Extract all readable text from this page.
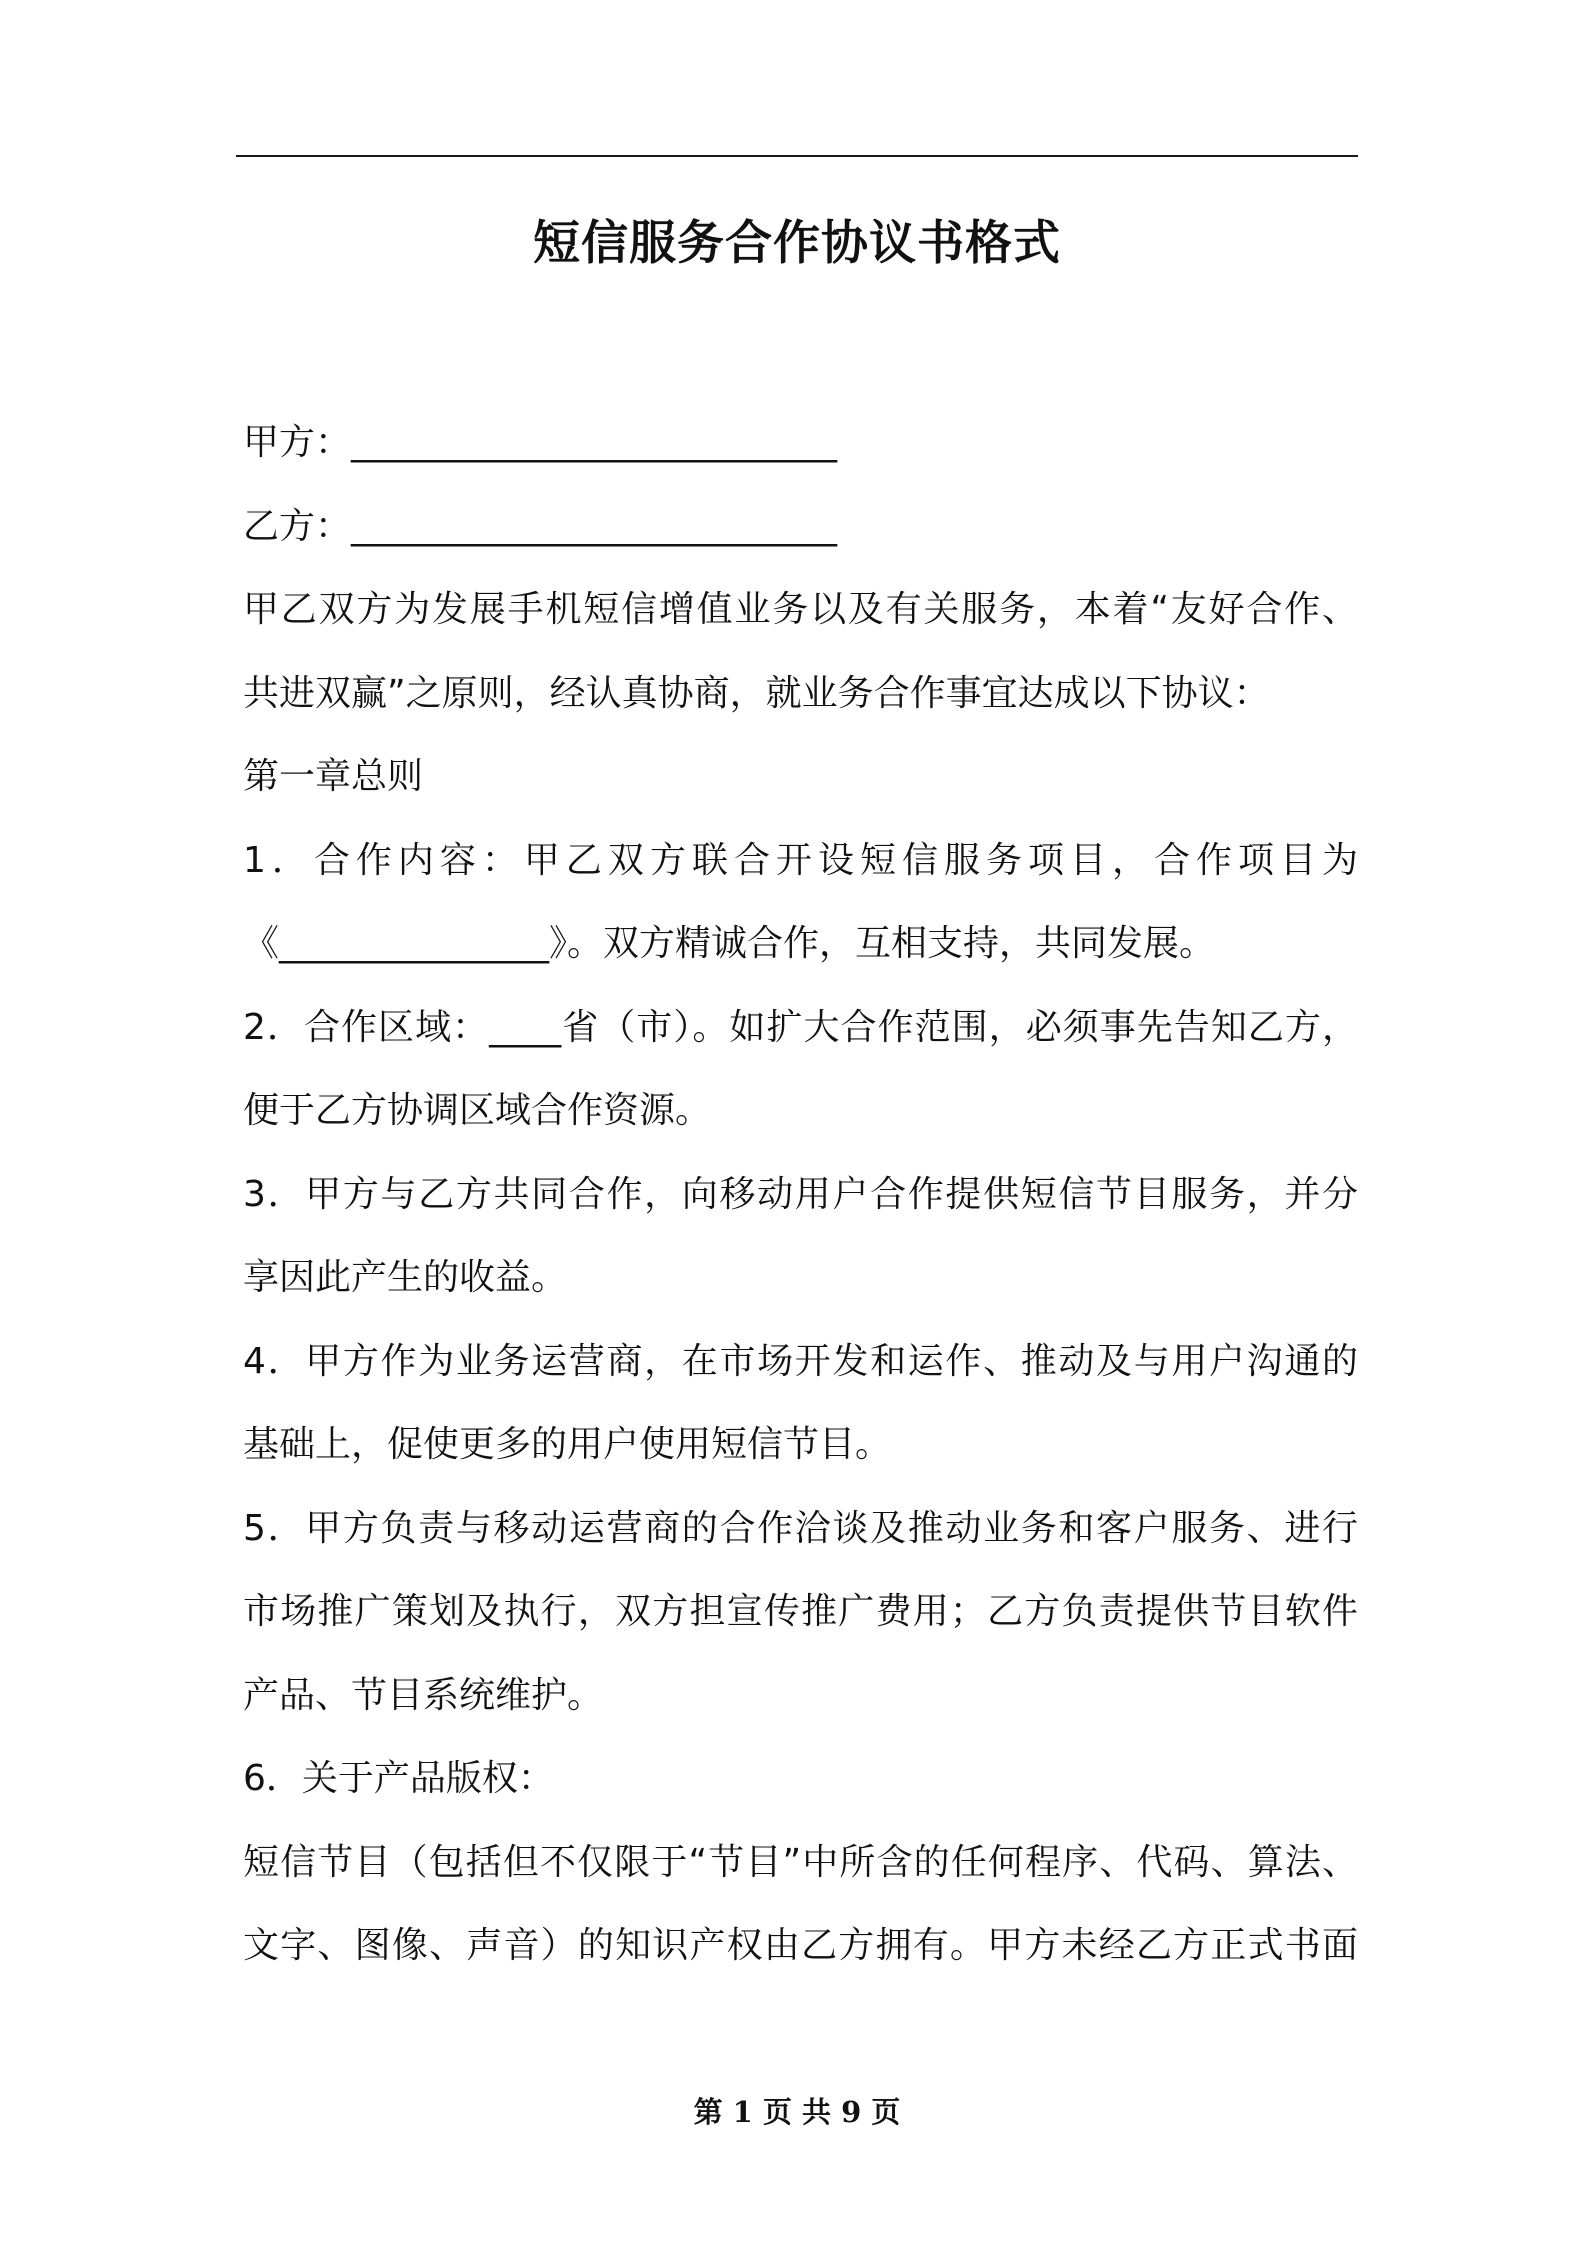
短信服务合作协议书格式
甲方：___________________________
乙方：___________________________
甲乙双方为发展手机短信增值业务以及有关服务，本着“友好合作、
共进双赢”之原则，经认真协商，就业务合作事宜达成以下协议：
第一章总则
1．合作内容：甲乙双方联合开设短信服务项目，合作项目为
《_______________》。双方精诚合作，互相支持，共同发展。
2．合作区域：____省（市）。如扩大合作范围，必须事先告知乙方，
便于乙方协调区域合作资源。
3．甲方与乙方共同合作，向移动用户合作提供短信节目服务，并分
享因此产生的收益。
4．甲方作为业务运营商，在市场开发和运作、推动及与用户沟通的
基础上，促使更多的用户使用短信节目。
5．甲方负责与移动运营商的合作洽谈及推动业务和客户服务、进行
市场推广策划及执行，双方担宣传推广费用；乙方负责提供节目软件
产品、节目系统维护。
6．关于产品版权：
短信节目（包括但不仅限于“节目”中所含的任何程序、代码、算法、
文字、图像、声音）的知识产权由乙方拥有。甲方未经乙方正式书面
第 1 页 共 9 页
